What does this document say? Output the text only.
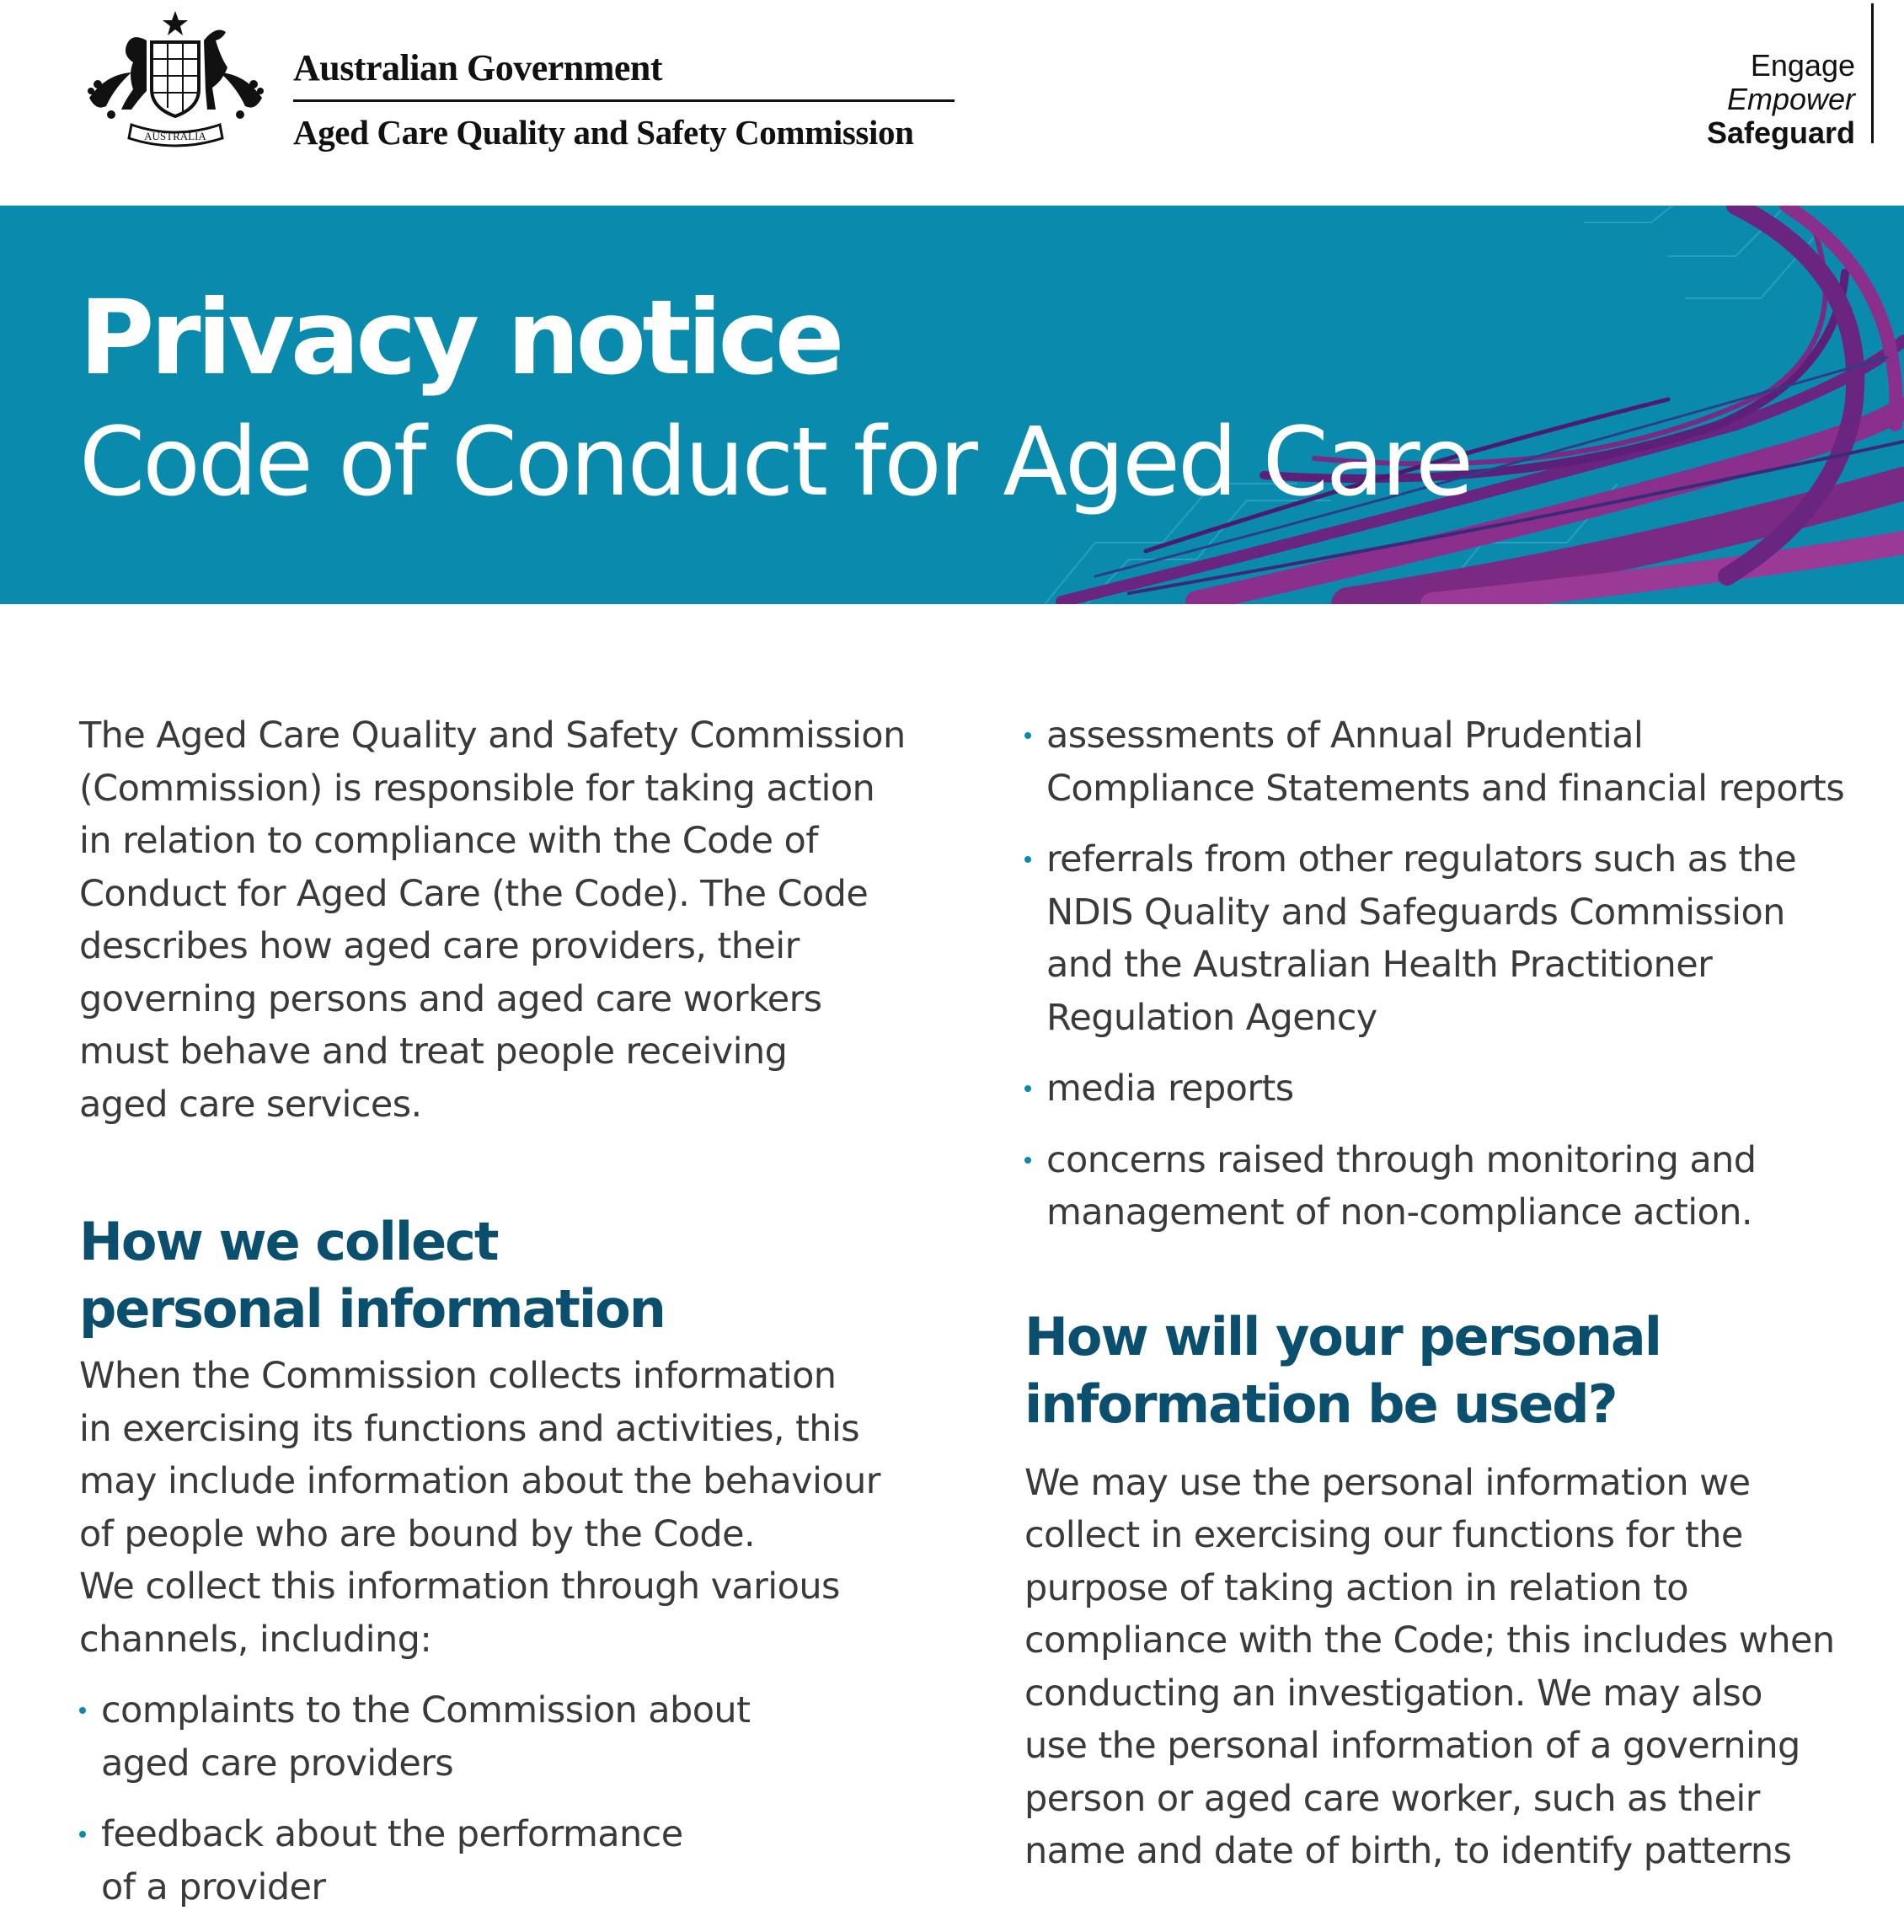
AUSTRALIA
Australian Government
Aged Care Quality and Safety Commission
Engage
Empower
Safeguard
Privacy notice
Code of Conduct for Aged Care

The Aged Care Quality and Safety Commission
(Commission) is responsible for taking action
in relation to compliance with the Code of
Conduct for Aged Care (the Code). The Code
describes how aged care providers, their
governing persons and aged care workers
must behave and treat people receiving
aged care services.

How we collect
personal information

When the Commission collects information
in exercising its functions and activities, this
may include information about the behaviour
of people who are bound by the Code.
We collect this information through various
channels, including:

complaints to the Commission about
aged care providers
feedback about the performance
of a provider
assessments of Annual Prudential
Compliance Statements and financial reports
referrals from other regulators such as the
NDIS Quality and Safeguards Commission
and the Australian Health Practitioner
Regulation Agency
media reports
concerns raised through monitoring and
management of non-compliance action.
How will your personal
information be used?

We may use the personal information we
collect in exercising our functions for the
purpose of taking action in relation to
compliance with the Code; this includes when
conducting an investigation. We may also
use the personal information of a governing
person or aged care worker, such as their
name and date of birth, to identify patterns
